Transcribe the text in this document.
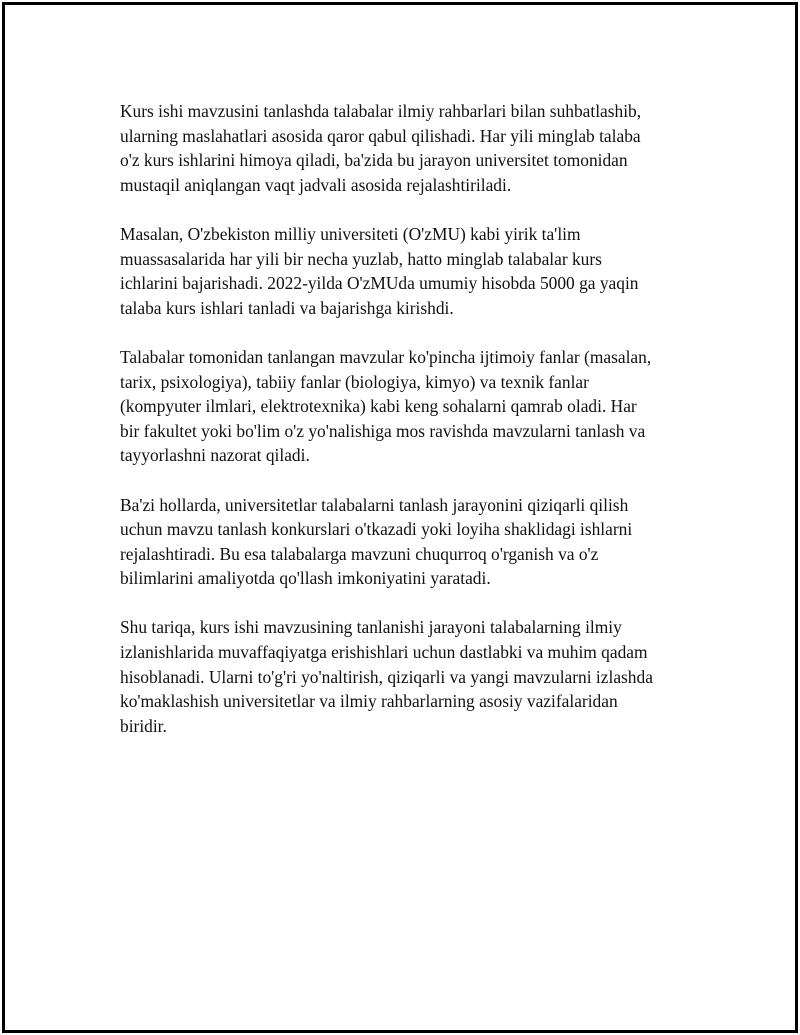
Kurs ishi mavzusini tanlashda talabalar ilmiy rahbarlari bilan suhbatlashib,
ularning maslahatlari asosida qaror qabul qilishadi. Har yili minglab talaba
o'z kurs ishlarini himoya qiladi, ba'zida bu jarayon universitet tomonidan
mustaqil aniqlangan vaqt jadvali asosida rejalashtiriladi.

Masalan, O'zbekiston milliy universiteti (O'zMU) kabi yirik ta'lim
muassasalarida har yili bir necha yuzlab, hatto minglab talabalar kurs
ichlarini bajarishadi. 2022-yilda O'zMUda umumiy hisobda 5000 ga yaqin
talaba kurs ishlari tanladi va bajarishga kirishdi.

Talabalar tomonidan tanlangan mavzular ko'pincha ijtimoiy fanlar (masalan,
tarix, psixologiya), tabiiy fanlar (biologiya, kimyo) va texnik fanlar
(kompyuter ilmlari, elektrotexnika) kabi keng sohalarni qamrab oladi. Har
bir fakultet yoki bo'lim o'z yo'nalishiga mos ravishda mavzularni tanlash va
tayyorlashni nazorat qiladi.

Ba'zi hollarda, universitetlar talabalarni tanlash jarayonini qiziqarli qilish
uchun mavzu tanlash konkurslari o'tkazadi yoki loyiha shaklidagi ishlarni
rejalashtiradi. Bu esa talabalarga mavzuni chuqurroq o'rganish va o'z
bilimlarini amaliyotda qo'llash imkoniyatini yaratadi.

Shu tariqa, kurs ishi mavzusining tanlanishi jarayoni talabalarning ilmiy
izlanishlarida muvaffaqiyatga erishishlari uchun dastlabki va muhim qadam
hisoblanadi. Ularni to'g'ri yo'naltirish, qiziqarli va yangi mavzularni izlashda
ko'maklashish universitetlar va ilmiy rahbarlarning asosiy vazifalaridan
biridir.
